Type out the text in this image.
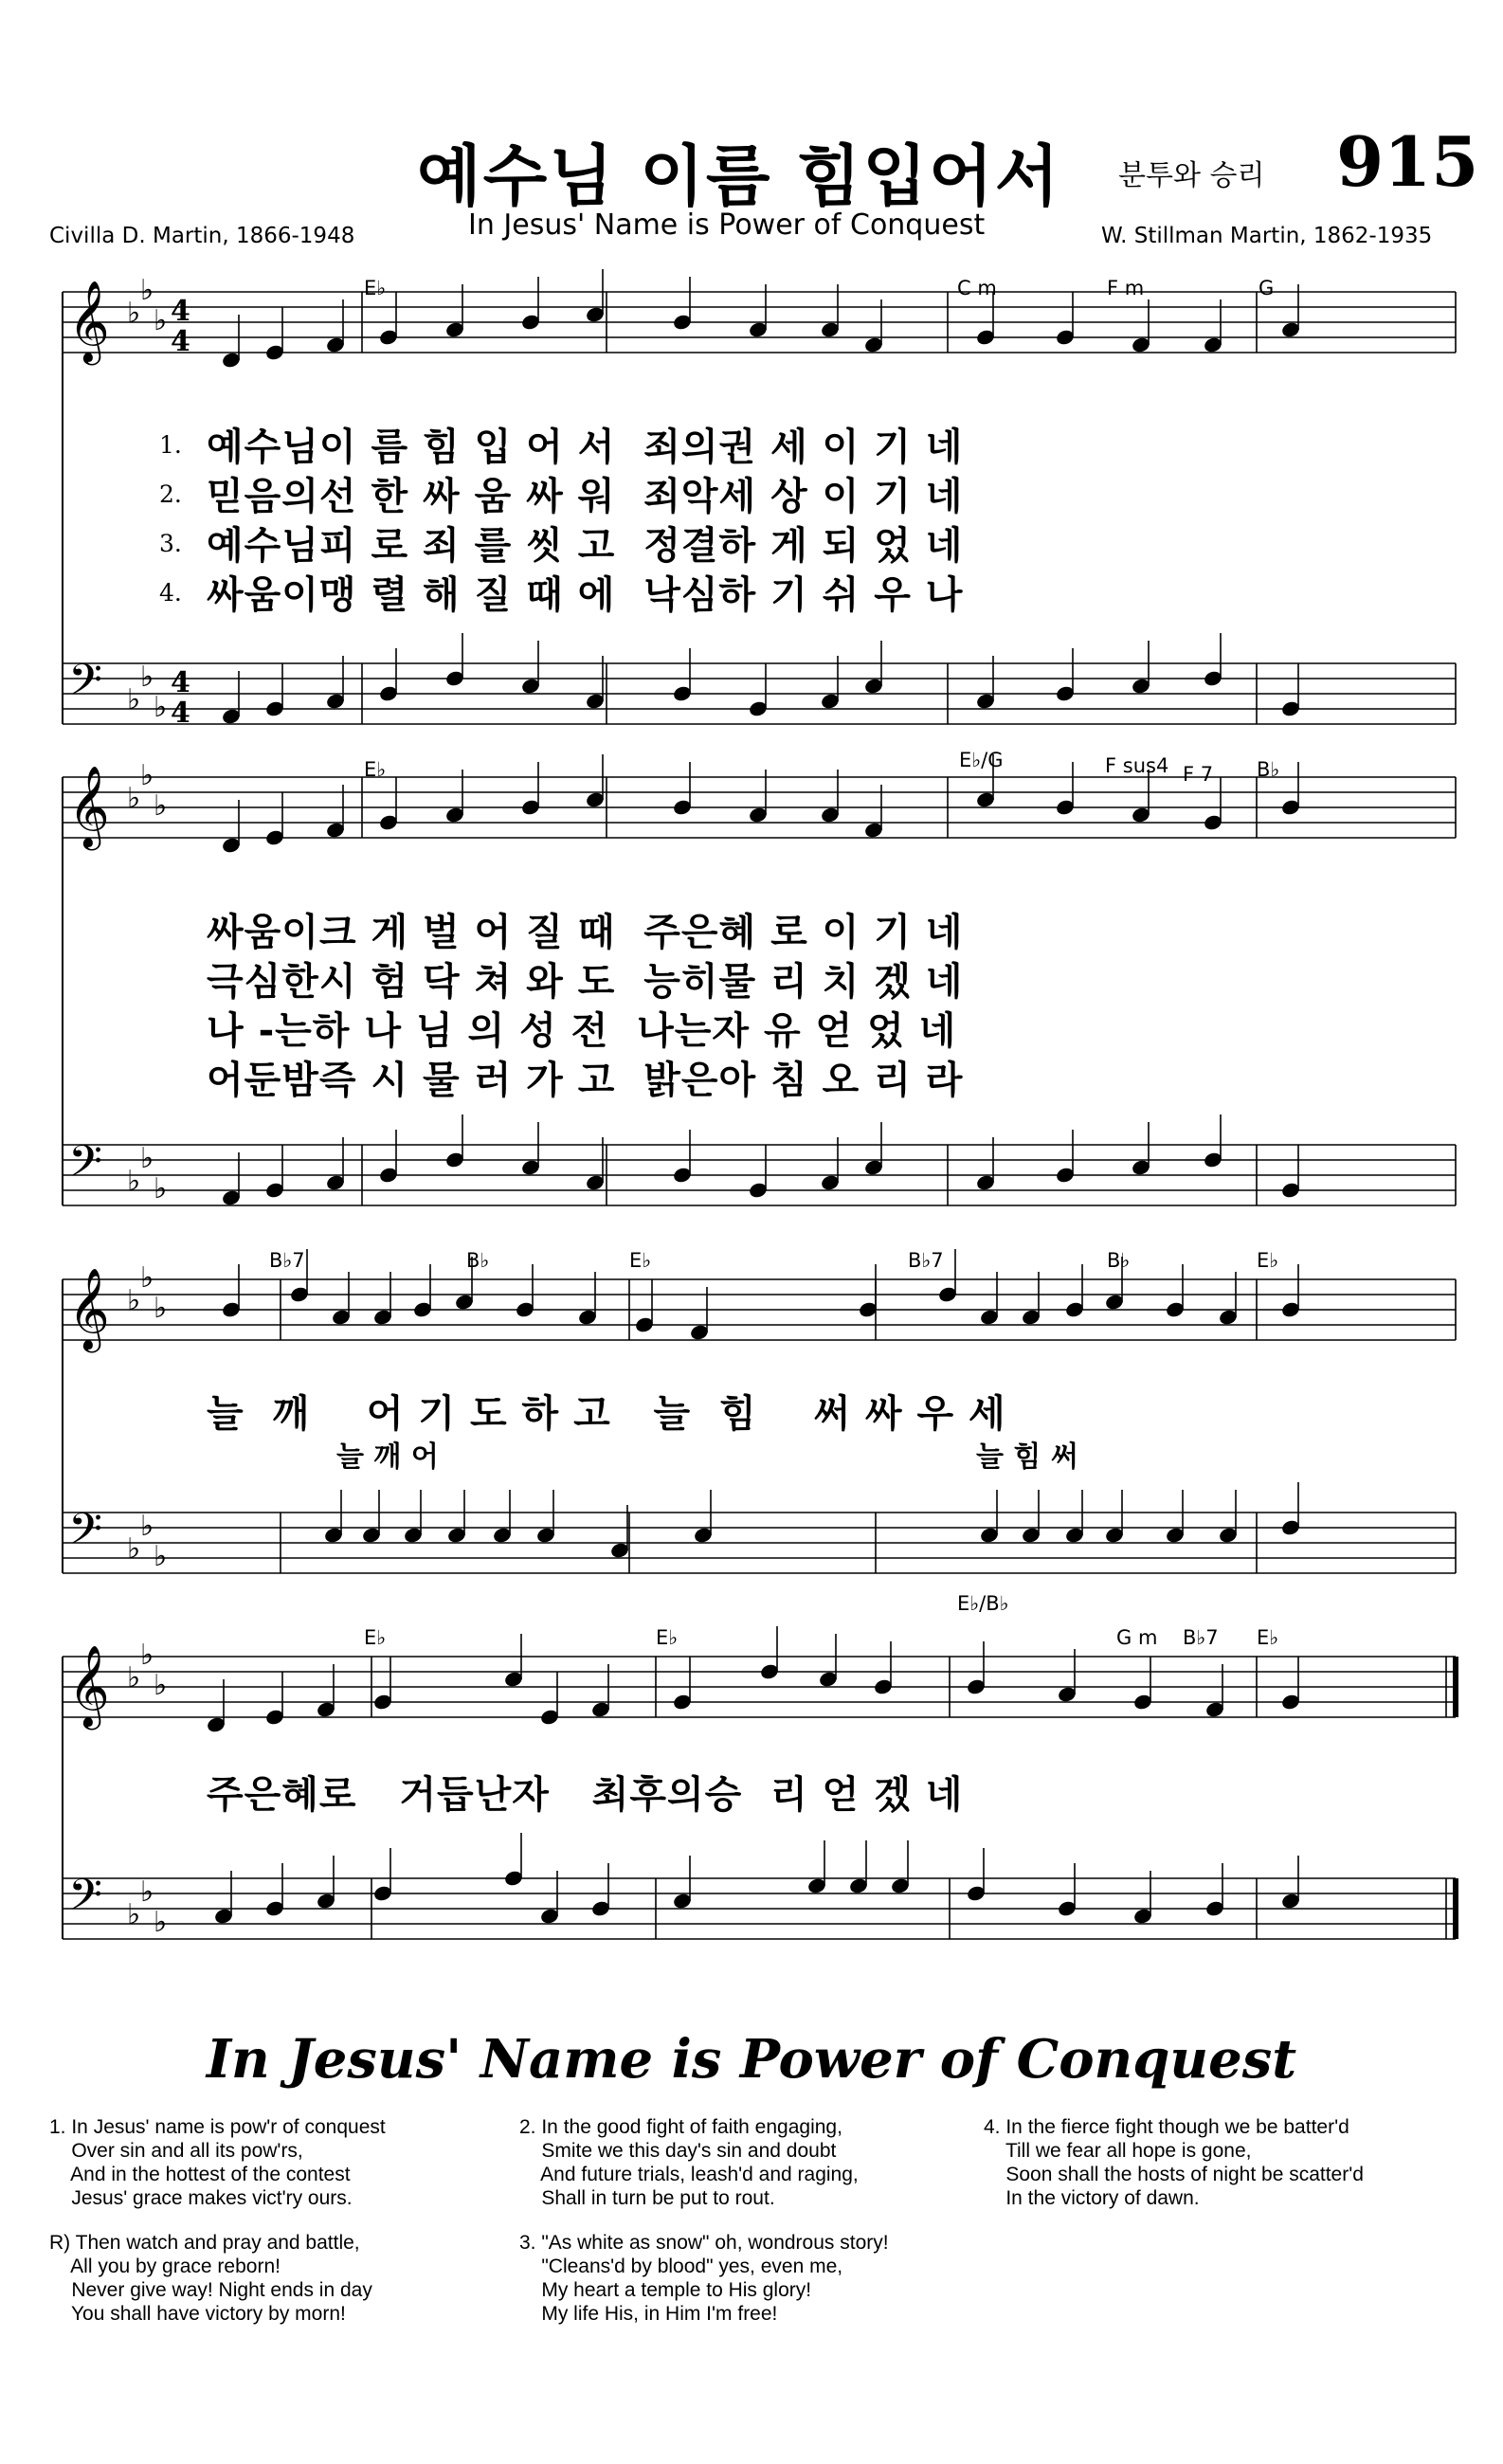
예수님 이름 힘입어서
In Jesus' Name is Power of Conquest
분투와 승리 915
Civilla D. Martin, 1866-1948	W. Stillman Martin, 1862-1935
𝄞 ♭
♭
♭ 4
4
𝄢 ♭
♭
♭
4
4
𝄞 ♭
♭
♭
𝄢 ♭
♭
♭
𝄞 ♭
♭
♭
𝄢 ♭
♭
♭
𝄞 ♭
♭
♭
𝄢 ♭
♭
♭
E♭	C m	F m	G
E♭	E♭/G	F sus4 F 7 B♭
B♭7	B♭	E♭	B♭7	B♭	E♭
E♭	E♭
E♭/B♭
G m B♭7 E♭
1.
2.
3.
4.
예수님이 름 힘 입 어 서  죄의권 세 이 기 네
믿음의선 한 싸 움 싸 워  죄악세 상 이 기 네
예수님피 로 죄 를 씻 고  정결하 게 되 었 네
싸움이맹 렬 해 질 때 에  낙심하 기 쉬 우 나
싸움이크 게 벌 어 질 때  주은혜 로 이 기 네
극심한시 험 닥 쳐 와 도  능히물 리 치 겠 네
나 -는하 나 님 의 성 전  나는자 유 얻 었 네
어둔밤즉 시 물 러 가 고  밝은아 침 오 리 라
늘  깨    어 기 도 하 고   늘  힘    써 싸 우 세
늘 깨 어	늘 힘 써
주은혜로   거듭난자   최후의승  리 얻 겠 네
In Jesus' Name is Power of Conquest
1. In Jesus' name is pow'r of conquest
Over sin and all its pow'rs,
And in the hottest of the contest
Jesus' grace makes vict'ry ours.
R) Then watch and pray and battle,
All you by grace reborn!
Never give way! Night ends in day
You shall have victory by morn!
2. In the good fight of faith engaging,
Smite we this day's sin and doubt
And future trials, leash'd and raging,
Shall in turn be put to rout.
3. "As white as snow" oh, wondrous story!
"Cleans'd by blood" yes, even me,
My heart a temple to His glory!
My life His, in Him I'm free!
4. In the fierce fight though we be batter'd
Till we fear all hope is gone,
Soon shall the hosts of night be scatter'd
In the victory of dawn.
